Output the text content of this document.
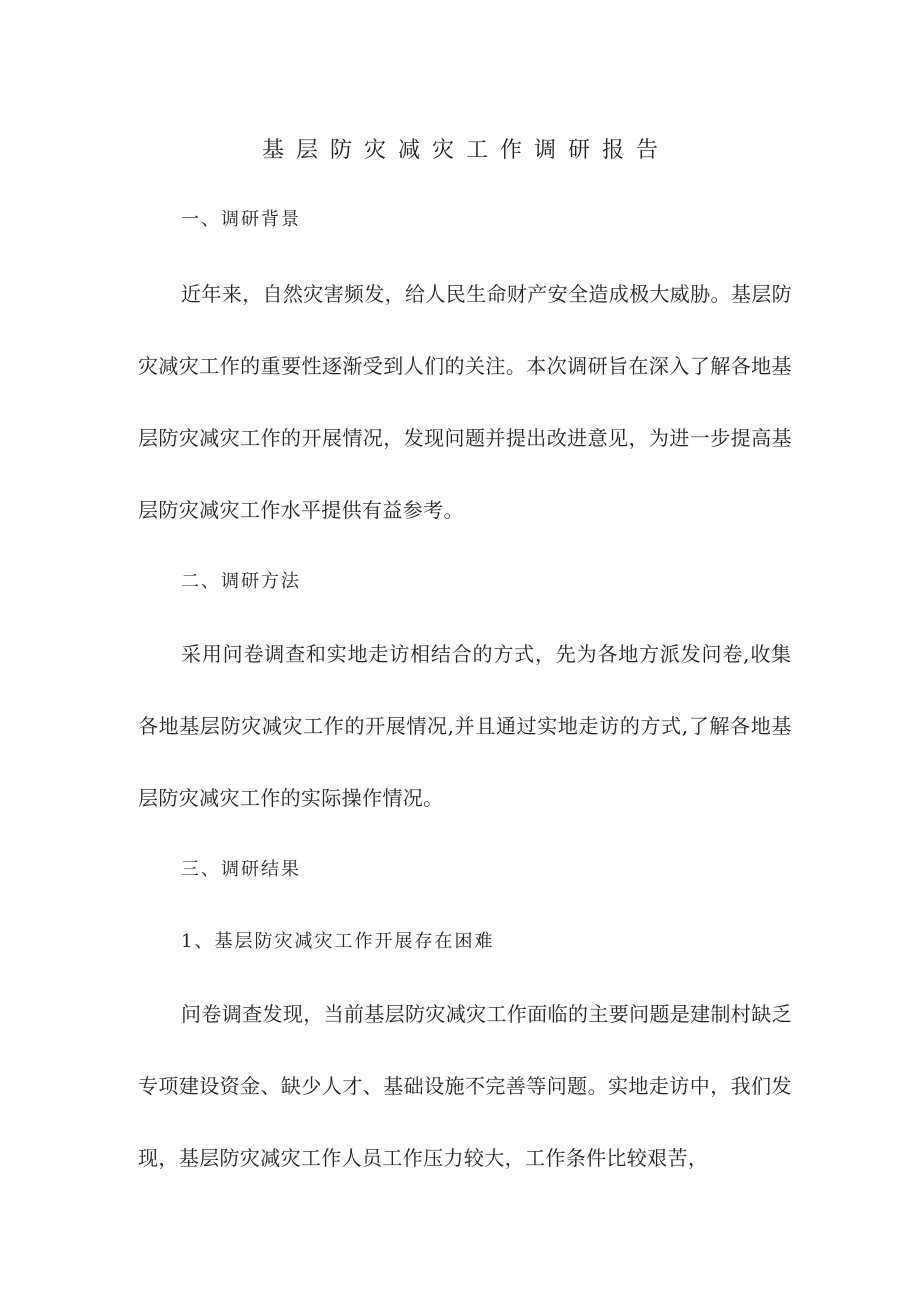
基层防灾减灾工作调研报告
一、调研背景
近年来，自然灾害频发，给人民生命财产安全造成极大威胁。基层防
灾减灾工作的重要性逐渐受到人们的关注。本次调研旨在深入了解各地基
层防灾减灾工作的开展情况，发现问题并提出改进意见，为进一步提高基
层防灾减灾工作水平提供有益参考。
二、调研方法
采用问卷调查和实地走访相结合的方式，先为各地方派发问卷,收集
各地基层防灾减灾工作的开展情况,并且通过实地走访的方式,了解各地基
层防灾减灾工作的实际操作情况。
三、调研结果
1、基层防灾减灾工作开展存在困难
问卷调查发现，当前基层防灾减灾工作面临的主要问题是建制村缺乏
专项建设资金、缺少人才、基础设施不完善等问题。实地走访中，我们发
现，基层防灾减灾工作人员工作压力较大，工作条件比较艰苦，
